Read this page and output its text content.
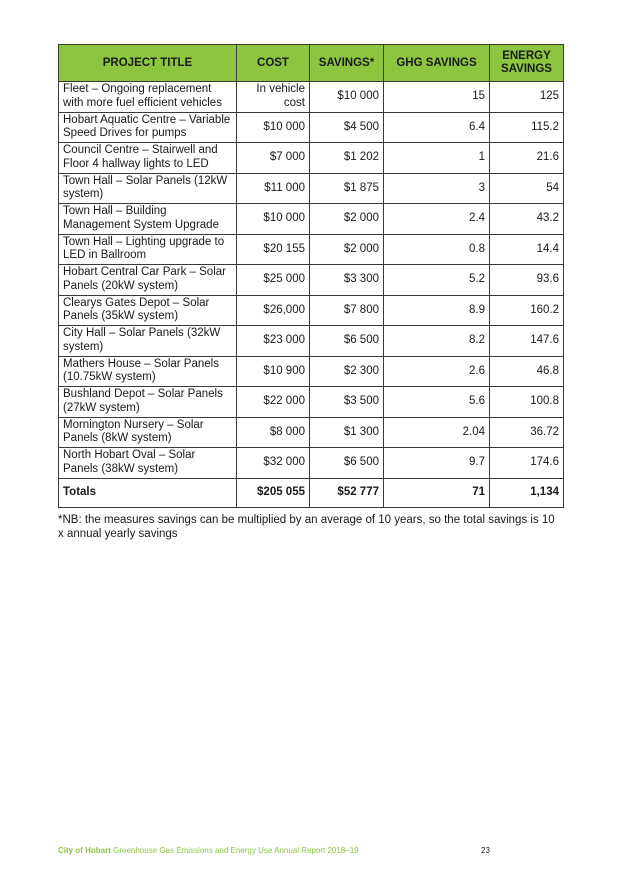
PROJECT TITLE	COST	SAVINGS*	GHG SAVINGS	ENERGY SAVINGS
Fleet – Ongoing replacement with more fuel efficient vehicles	In vehicle cost	$10 000	15	125
Hobart Aquatic Centre – Variable Speed Drives for pumps	$10 000	$4 500	6.4	115.2
Council Centre – Stairwell and Floor 4 hallway lights to LED	$7 000	$1 202	1	21.6
Town Hall – Solar Panels (12kW system)	$11 000	$1 875	3	54
Town Hall – Building Management System Upgrade	$10 000	$2 000	2.4	43.2
Town Hall – Lighting upgrade to LED in Ballroom	$20 155	$2 000	0.8	14.4
Hobart Central Car Park – Solar Panels (20kW system)	$25 000	$3 300	5.2	93.6
Clearys Gates Depot – Solar Panels (35kW system)	$26,000	$7 800	8.9	160.2
City Hall – Solar Panels (32kW system)	$23 000	$6 500	8.2	147.6
Mathers House – Solar Panels (10.75kW system)	$10 900	$2 300	2.6	46.8
Bushland Depot – Solar Panels (27kW system)	$22 000	$3 500	5.6	100.8
Mornington Nursery – Solar Panels (8kW system)	$8 000	$1 300	2.04	36.72
North Hobart Oval – Solar Panels (38kW system)	$32 000	$6 500	9.7	174.6
Totals	$205 055	$52 777	71	1,134
*NB: the measures savings can be multiplied by an average of 10 years, so the total savings is 10 x annual yearly savings
City of Hobart Greenhouse Gas Emissions and Energy Use Annual Report 2018–19	23
